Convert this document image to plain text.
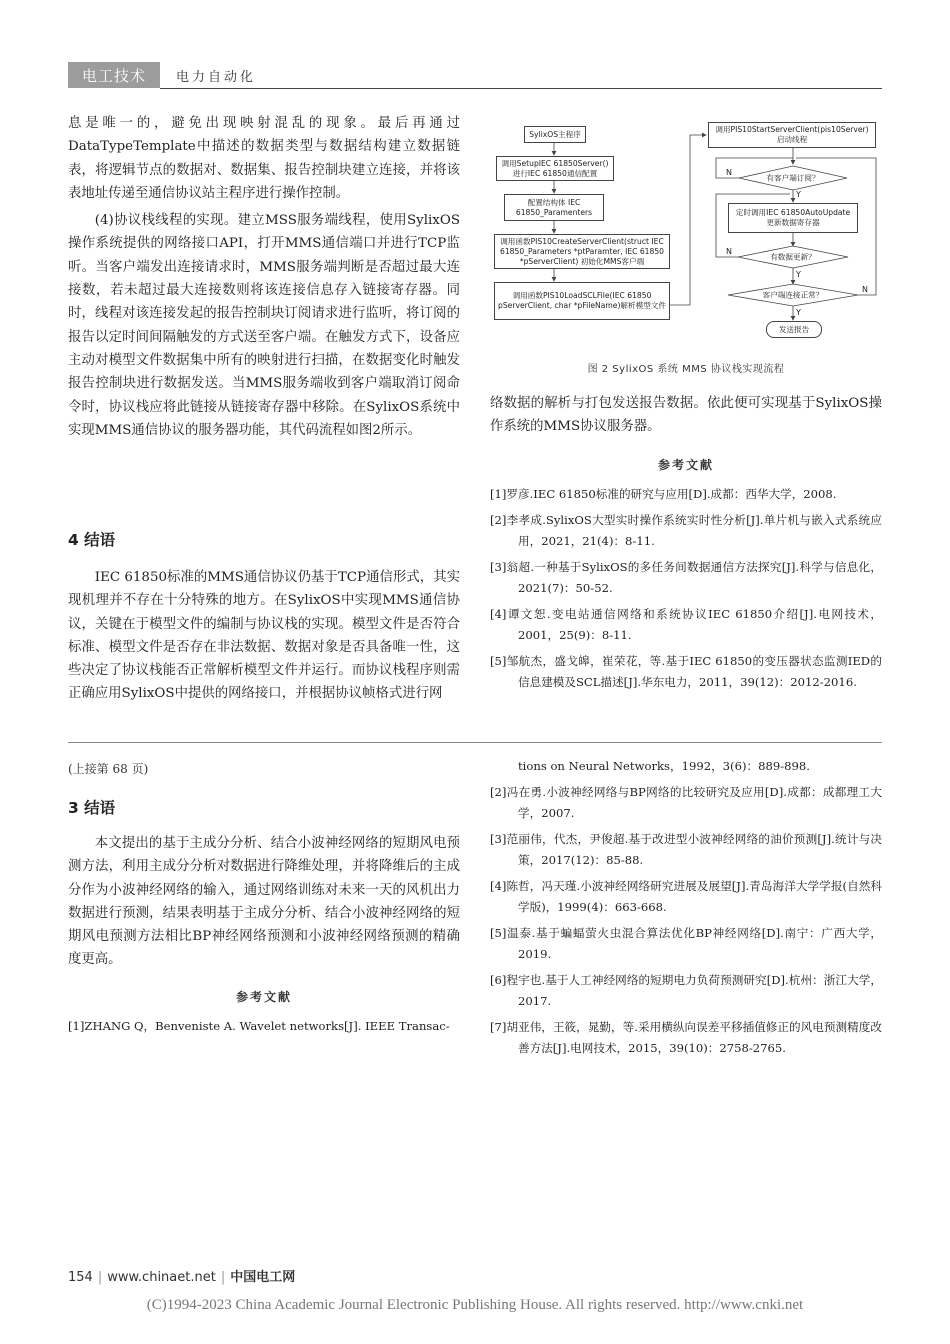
电工技术	电力自动化

息是唯一的，避免出现映射混乱的现象。最后再通过DataTypeTemplate中描述的数据类型与数据结构建立数据链表，将逻辑节点的数据对、数据集、报告控制块建立连接，并将该表地址传递至通信协议站主程序进行操作控制。

(4)协议栈线程的实现。建立MSS服务端线程，使用SylixOS操作系统提供的网络接口API，打开MMS通信端口并进行TCP监听。当客户端发出连接请求时，MMS服务端判断是否超过最大连接数，若未超过最大连接数则将该连接信息存入链接寄存器。同时，线程对该连接发起的报告控制块订阅请求进行监听，将订阅的报告以定时间间隔触发的方式送至客户端。在触发方式下，设备应主动对模型文件数据集中所有的映射进行扫描，在数据变化时触发报告控制块进行数据发送。当MMS服务端收到客户端取消订阅命令时，协议栈应将此链接从链接寄存器中移除。在SylixOS系统中实现MMS通信协议的服务器功能，其代码流程如图2所示。

4 结语

IEC 61850标准的MMS通信协议仍基于TCP通信形式，其实现机理并不存在十分特殊的地方。在SylixOS中实现MMS通信协议，关键在于模型文件的编制与协议栈的实现。模型文件是否符合标准、模型文件是否存在非法数据、数据对象是否具备唯一性，这些决定了协议栈能否正常解析模型文件并运行。而协议栈程序则需正确应用SylixOS中提供的网络接口，并根据协议帧格式进行网

SylixOS主程序
调用SetupIEC 61850Server()进行IEC 61850通信配置
配置结构体 IEC 61850_Paramenters
调用函数PIS10CreateServerClient(struct IEC 61850_Parameters *ptParamter, IEC 61850 *pServerClient) 初始化MMS客户端
调用函数PIS10LoadSCLFile(IEC 61850 pServerClient, char *pFileName)解析模型文件
调用PIS10StartServerClient(pis10Server) 启动线程
定时调用IEC 61850AutoUpdate 更新数据寄存器
发送报告
有客户端订阅？
有数据更新？
客户端连接正常？
N
Y
N
Y
N
Y
图 2 SylixOS 系统 MMS 协议栈实现流程

络数据的解析与打包发送报告数据。依此便可实现基于SylixOS操作系统的MMS协议服务器。

参考文献

[1]罗彦.IEC 61850标准的研究与应用[D].成都：西华大学，2008.

[2]李孝成.SylixOS大型实时操作系统实时性分析[J].单片机与嵌入式系统应用，2021，21(4)：8-11.

[3]翁超.一种基于SylixOS的多任务间数据通信方法探究[J].科学与信息化，2021(7)：50-52.

[4]谭文恕.变电站通信网络和系统协议IEC 61850介绍[J].电网技术，2001，25(9)：8-11.

[5]邹航杰，盛戈皞，崔荣花，等.基于IEC 61850的变压器状态监测IED的信息建模及SCL描述[J].华东电力，2011，39(12)：2012-2016.

(上接第 68 页)
3 结语

本文提出的基于主成分分析、结合小波神经网络的短期风电预测方法，利用主成分分析对数据进行降维处理，并将降维后的主成分作为小波神经网络的输入，通过网络训练对未来一天的风机出力数据进行预测，结果表明基于主成分分析、结合小波神经网络的短期风电预测方法相比BP神经网络预测和小波神经网络预测的精确度更高。

参考文献

[1]ZHANG Q，Benveniste A. Wavelet networks[J]. IEEE Transac-

tions on Neural Networks，1992，3(6)：889-898.

[2]冯在勇.小波神经网络与BP网络的比较研究及应用[D].成都：成都理工大学，2007.

[3]范丽伟，代杰，尹俊超.基于改进型小波神经网络的油价预测[J].统计与决策，2017(12)：85-88.

[4]陈哲，冯天瑾.小波神经网络研究进展及展望[J].青岛海洋大学学报(自然科学版)，1999(4)：663-668.

[5]温泰.基于蝙蝠萤火虫混合算法优化BP神经网络[D].南宁：广西大学，2019.

[6]程宇也.基于人工神经网络的短期电力负荷预测研究[D].杭州：浙江大学，2017.

[7]胡亚伟，王筱，晁勤，等.采用横纵向误差平移插值修正的风电预测精度改善方法[J].电网技术，2015，39(10)：2758-2765.

154 | www.chinaet.net | 中国电工网
(C)1994-2023 China Academic Journal Electronic Publishing House. All rights reserved. http://www.cnki.net
